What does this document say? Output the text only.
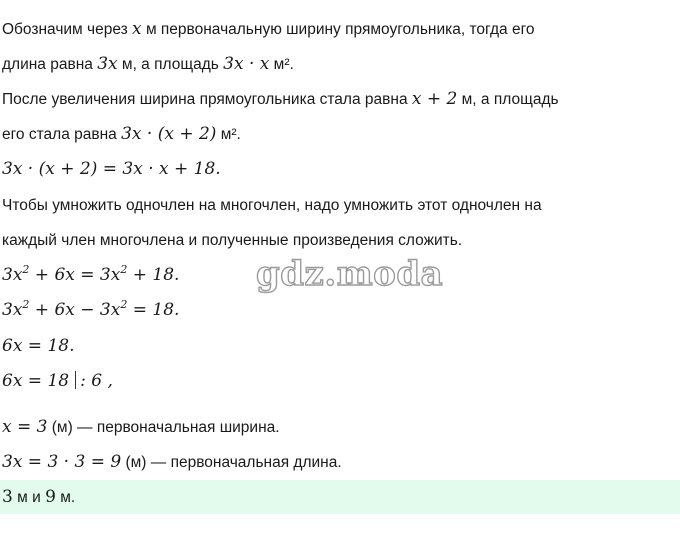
Обозначим через x м первоначальную ширину прямоугольника, тогда его
длина равна 3x м, а площадь 3x · x м².
После увеличения ширина прямоугольника стала равна x + 2 м, а площадь
его стала равна 3x · (x + 2) м².
3x · (x + 2) = 3x · x + 18.
Чтобы умножить одночлен на многочлен, надо умножить этот одночлен на
каждый член многочлена и полученные произведения сложить.
gdz.moda
$3x^2 + 6x = 3x^2 + 18$.
$3x^2 + 6x - 3x^2 = 18$.
6x = 18.
6x = 18 : 6 ,
x = 3 (м) — первоначальная ширина.
3x = 3 · 3 = 9 (м) — первоначальная длина.
3 м и 9 м.
